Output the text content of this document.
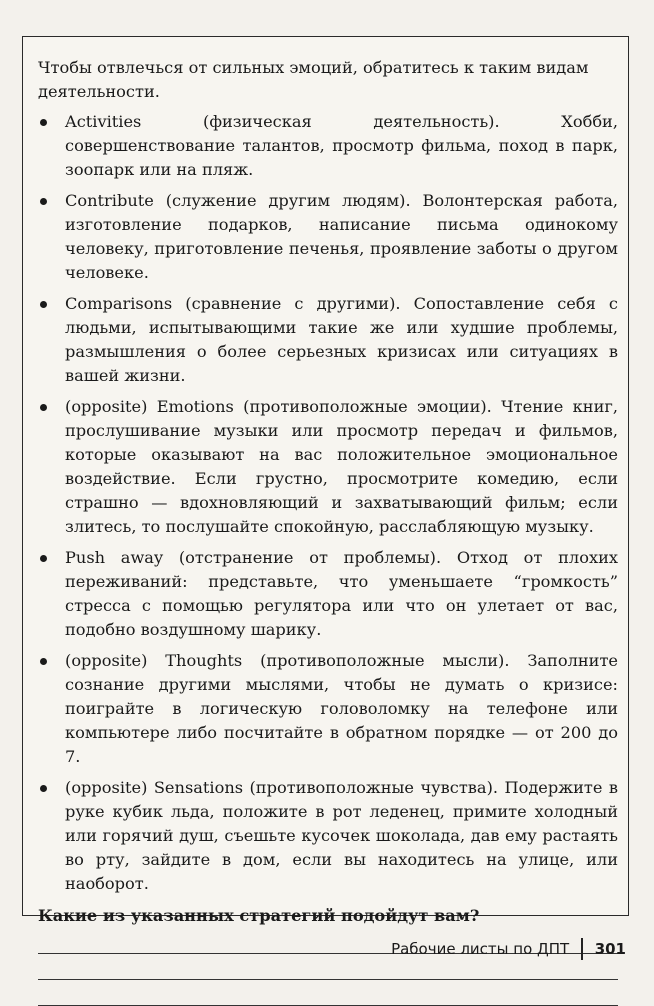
Чтобы отвлечься от сильных эмоций, обратитесь к таким видам деятельности.

Activities (физическая деятельность). Хобби, совершенствование талантов, просмотр фильма, поход в парк, зоопарк или на пляж.
Contribute (служение другим людям). Волонтерская работа, изготовление подарков, написание письма одинокому человеку, приготовление печенья, проявление заботы о другом человеке.
Comparisons (сравнение с другими). Сопоставление себя с людьми, испытывающими такие же или худшие проблемы, размышления о более серьезных кризисах или ситуациях в вашей жизни.
(opposite) Emotions (противоположные эмоции). Чтение книг, прослушивание музыки или просмотр передач и фильмов, которые оказывают на вас положительное эмоциональное воздействие. Если грустно, просмотрите комедию, если страшно — вдохновляющий и захватывающий фильм; если злитесь, то послушайте спокойную, расслабляющую музыку.
Push away (отстранение от проблемы). Отход от плохих переживаний: представьте, что уменьшаете “громкость” стресса с помощью регулятора или что он улетает от вас, подобно воздушному шарику.
(opposite) Thoughts (противоположные мысли). Заполните сознание другими мыслями, чтобы не думать о кризисе: поиграйте в логическую головоломку на телефоне или компьютере либо посчитайте в обратном порядке — от 200 до 7.
(opposite) Sensations (противоположные чувства). Подержите в руке кубик льда, положите в рот леденец, примите холодный или горячий душ, съешьте кусочек шоколада, дав ему растаять во рту, зайдите в дом, если вы находитесь на улице, или наоборот.

Какие из указанных стратегий подойдут вам?

Рабочие листы по ДПТ 301
